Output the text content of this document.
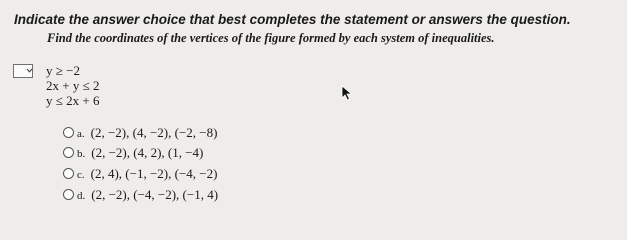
Indicate the answer choice that best completes the statement or answers the question.
Find the coordinates of the vertices of the figure formed by each system of inequalities.
y ≥ −2
2x + y ≤ 2
y ≤ 2x + 6
a. (2, −2), (4, −2), (−2, −8)
b. (2, −2), (4, 2), (1, −4)
c. (2, 4), (−1, −2), (−4, −2)
d. (2, −2), (−4, −2), (−1, 4)
